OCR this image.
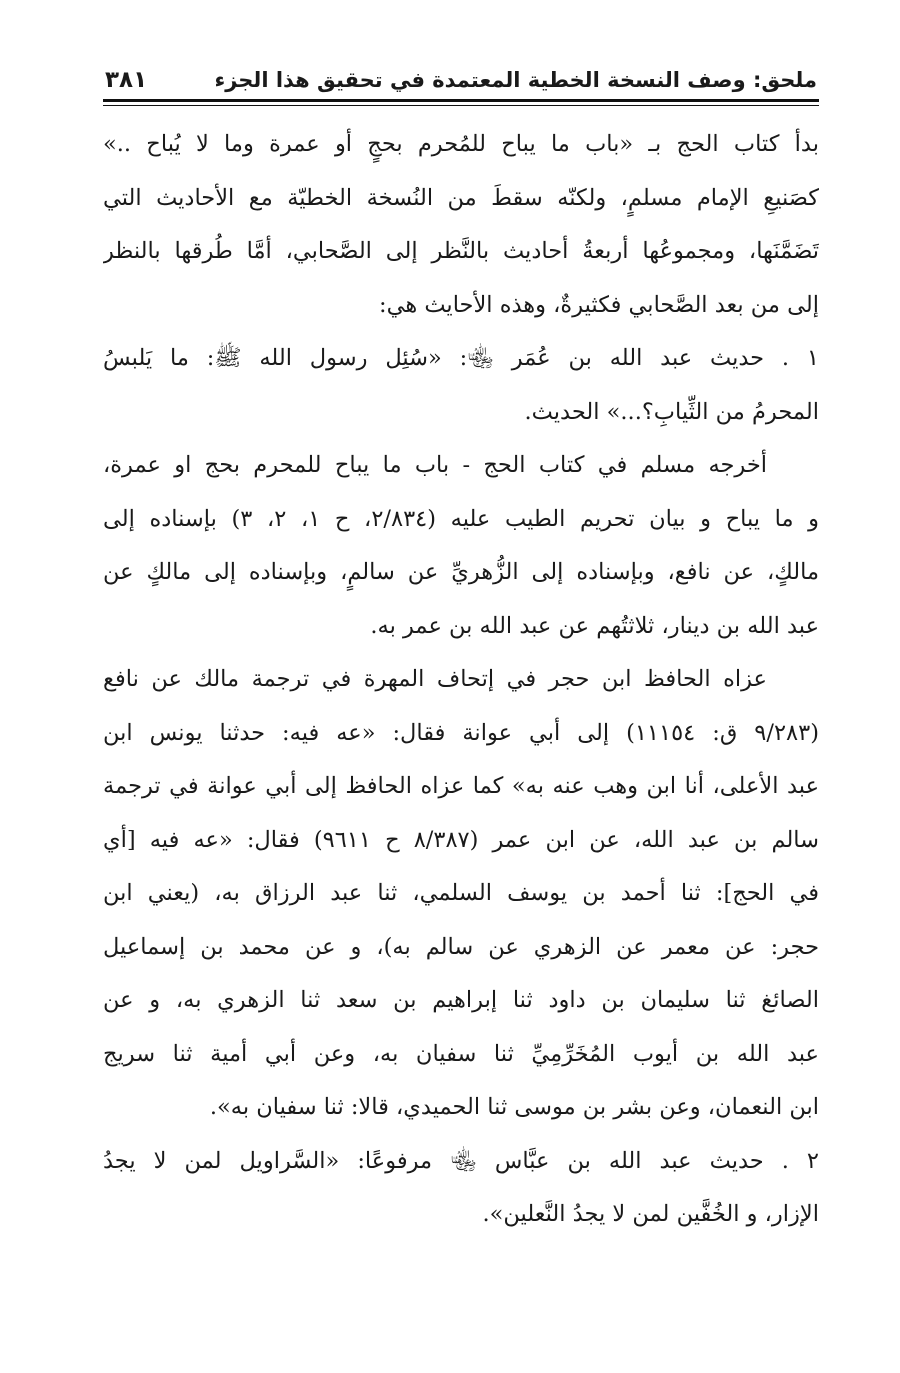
ملحق: وصف النسخة الخطية المعتمدة في تحقيق هذا الجزء
٣٨١
بدأ كتاب الحج بـ «باب ما يباح للمُحرم بحجٍ أو عمرة وما لا يُباح ..»
كصَنيعِ الإمام مسلمٍ، ولكنّه سقطَ من النُسخة الخطيّة مع الأحاديث التي
تَضَمَّنَها، ومجموعُها أربعةُ أحاديث بالنَّظر إلى الصَّحابي، أمَّا طُرقها بالنظر
إلى من بعد الصَّحابي فكثيرةٌ، وهذه الأحايث هي:
١ . حديث عبد الله بن عُمَر ﵄: «سُئِل رسول الله ﷺ: ما يَلبسُ
المحرمُ من الثِّيابِ؟...» الحديث.
أخرجه مسلم في كتاب الحج - باب ما يباح للمحرم بحج او عمرة،
و ما يباح و بيان تحريم الطيب عليه (٢/٨٣٤، ح ١، ٢، ٣) بإسناده إلى
مالكٍ، عن نافع، وبإسناده إلى الزُّهريِّ عن سالمٍ، وبإسناده إلى مالكٍ عن
عبد الله بن دينار، ثلاثتُهم عن عبد الله بن عمر به.
عزاه الحافظ ابن حجر في إتحاف المهرة في ترجمة مالك عن نافع
(٩/٢٨٣ ق: ١١١٥٤) إلى أبي عوانة فقال: «عه فيه: حدثنا يونس ابن
عبد الأعلى، أنا ابن وهب عنه به» كما عزاه الحافظ إلى أبي عوانة في ترجمة
سالم بن عبد الله، عن ابن عمر (٨/٣٨٧ ح ٩٦١١) فقال: «عه فيه [أي
في الحج]: ثنا أحمد بن يوسف السلمي، ثنا عبد الرزاق به، (يعني ابن
حجر: عن معمر عن الزهري عن سالم به)، و عن محمد بن إسماعيل
الصائغ ثنا سليمان بن داود ثنا إبراهيم بن سعد ثنا الزهري به، و عن
عبد الله بن أيوب المُخَرِّمِيِّ ثنا سفيان به، وعن أبي أمية ثنا سريج
ابن النعمان، وعن بشر بن موسى ثنا الحميدي، قالا: ثنا سفيان به».
٢ . حديث عبد الله بن عبَّاس ﵄ مرفوعًا: «السَّراويل لمن لا يجدُ
الإزار، و الخُفَّين لمن لا يجدُ النَّعلين».
